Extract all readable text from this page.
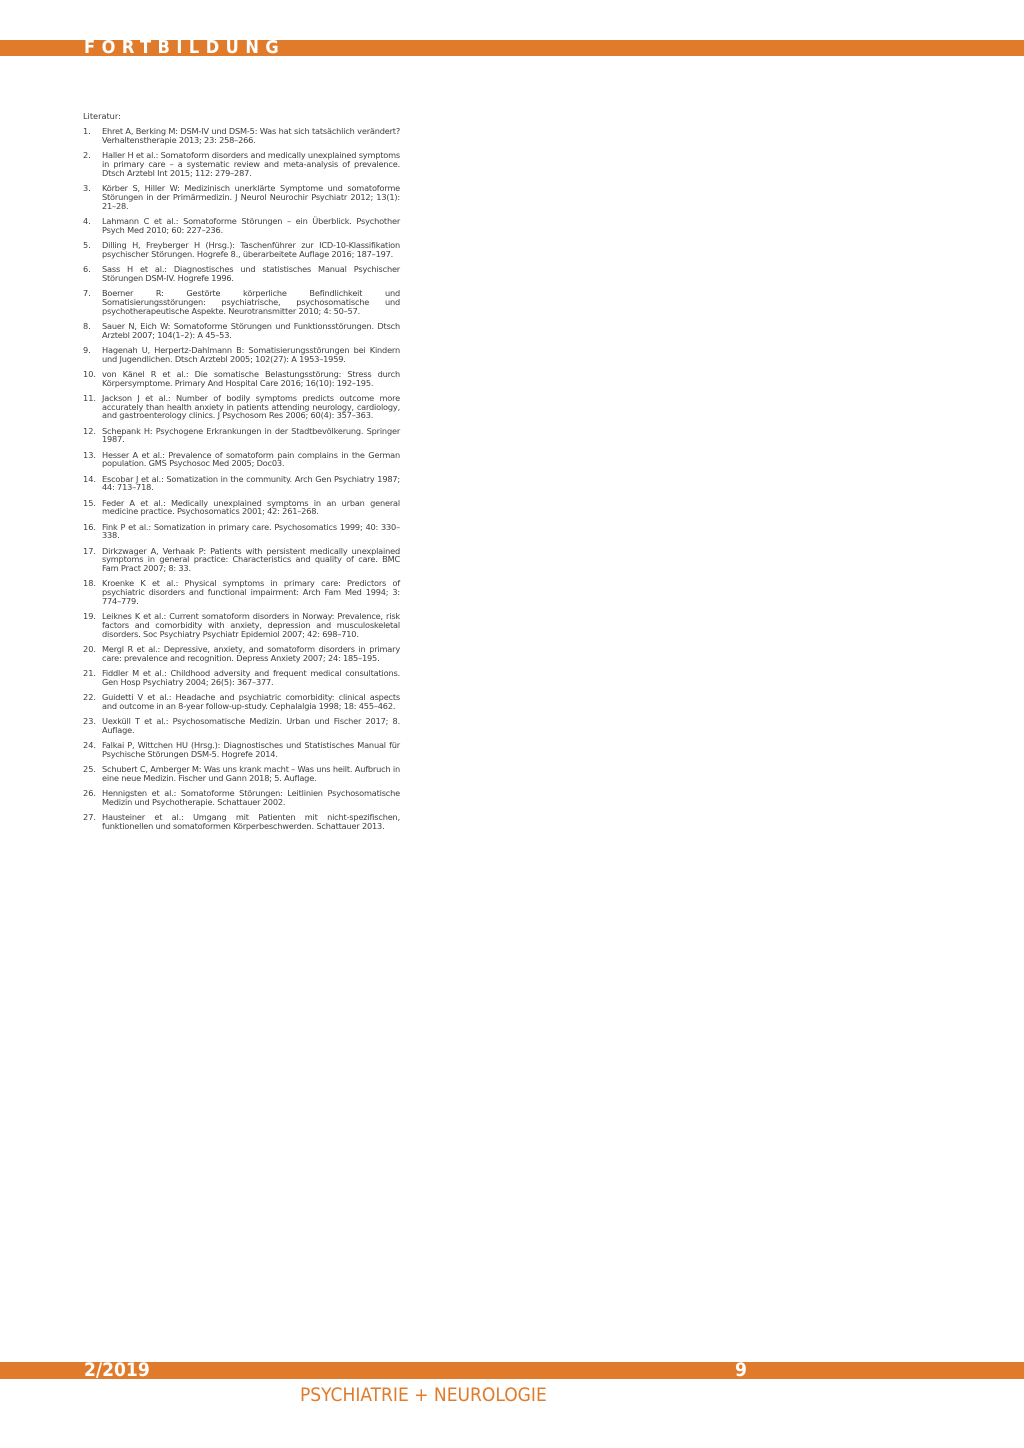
FORTBILDUNG
Literatur:
1.	Ehret A, Berking M: DSM-IV und DSM-5: Was hat sich tatsächlich verändert? Verhaltenstherapie 2013; 23: 258–266.
2.	Haller H et al.: Somatoform disorders and medically unexplained symptoms in primary care – a systematic review and meta-analysis of prevalence. Dtsch Arztebl Int 2015; 112: 279–287.
3.	Körber S, Hiller W: Medizinisch unerklärte Symptome und somatoforme Störungen in der Primärmedizin. J Neurol Neurochir Psychiatr 2012; 13(1): 21–28.
4.	Lahmann C et al.: Somatoforme Störungen – ein Überblick. Psychother Psych Med 2010; 60: 227–236.
5.	Dilling H, Freyberger H (Hrsg.): Taschenführer zur ICD-10-Klassifikation psychischer Störungen. Hogrefe 8., überarbeitete Auflage 2016; 187–197.
6.	Sass H et al.: Diagnostisches und statistisches Manual Psychischer Störungen DSM-IV. Hogrefe 1996.
7.	Boerner R: Gestörte körperliche Befindlichkeit und Somatisierungsstörungen: psychiatrische, psychosomatische und psychotherapeutische Aspekte. Neurotransmitter 2010; 4: 50–57.
8.	Sauer N, Eich W: Somatoforme Störungen und Funktionsstörungen. Dtsch Arztebl 2007; 104(1–2): A 45–53.
9.	Hagenah U, Herpertz-Dahlmann B: Somatisierungsstörungen bei Kindern und Jugendlichen. Dtsch Arztebl 2005; 102(27): A 1953–1959.
10. von Känel R et al.: Die somatische Belastungsstörung: Stress durch Körpersymptome. Primary And Hospital Care 2016; 16(10): 192–195.
11. Jackson J et al.: Number of bodily symptoms predicts outcome more accurately than health anxiety in patients attending neurology, cardiology, and gastroenterology clinics. J Psychosom Res 2006; 60(4): 357–363.
12. Schepank H: Psychogene Erkrankungen in der Stadtbevölkerung. Springer 1987.
13. Hesser A et al.: Prevalence of somatoform pain complains in the German population. GMS Psychosoc Med 2005; Doc03.
14. Escobar J et al.: Somatization in the community. Arch Gen Psychiatry 1987; 44: 713–718.
15. Feder A et al.: Medically unexplained symptoms in an urban general medicine practice. Psychosomatics 2001; 42: 261–268.
16. Fink P et al.: Somatization in primary care. Psychosomatics 1999; 40: 330–338.
17. Dirkzwager A, Verhaak P: Patients with persistent medically unexplained symptoms in general practice: Characteristics and quality of care. BMC Fam Pract 2007; 8: 33.
18. Kroenke K et al.: Physical symptoms in primary care: Predictors of psychiatric disorders and functional impairment: Arch Fam Med 1994; 3: 774–779.
19. Leiknes K et al.: Current somatoform disorders in Norway: Prevalence, risk factors and comorbidity with anxiety, depression and musculoskeletal disorders. Soc Psychiatry Psychiatr Epidemiol 2007; 42: 698–710.
20. Mergl R et al.: Depressive, anxiety, and somatoform disorders in primary care: prevalence and recognition. Depress Anxiety 2007; 24: 185–195.
21. Fiddler M et al.: Childhood adversity and frequent medical consultations. Gen Hosp Psychiatry 2004; 26(5): 367–377.
22. Guidetti V et al.: Headache and psychiatric comorbidity: clinical aspects and outcome in an 8-year follow-up-study. Cephalalgia 1998; 18: 455–462.
23. Uexküll T et al.: Psychosomatische Medizin. Urban und Fischer 2017; 8. Auflage.
24. Falkai P, Wittchen HU (Hrsg.): Diagnostisches und Statistisches Manual für Psychische Störungen DSM-5. Hogrefe 2014.
25. Schubert C, Amberger M: Was uns krank macht – Was uns heilt. Aufbruch in eine neue Medizin. Fischer und Gann 2018; 5. Auflage.
26. Hennigsten et al.: Somatoforme Störungen: Leitlinien Psychosomatische Medizin und Psychotherapie. Schattauer 2002.
27. Hausteiner et al.: Umgang mit Patienten mit nicht-spezifischen, funktionellen und somatoformen Körperbeschwerden. Schattauer 2013.
2/2019	9
PSYCHIATRIE + NEUROLOGIE
